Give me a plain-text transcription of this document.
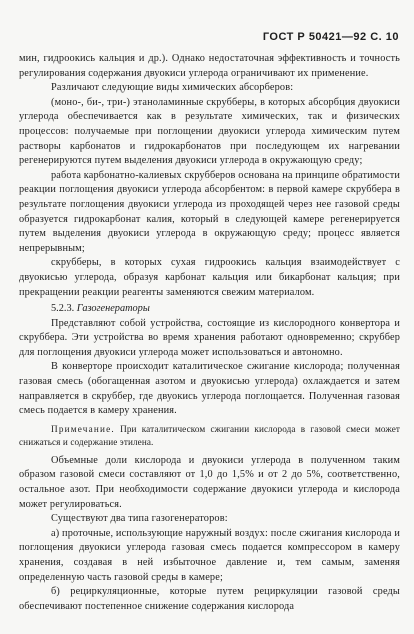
ГОСТ Р 50421—92 С. 10

мин, гидроокись кальция и др.). Однако недостаточная эффективность и точность регулирования содержания двуокиси углерода ограничивают их применение.

Различают следующие виды химических абсорберов:

(моно-, би-, три-) этаноламинные скрубберы, в которых абсорбция двуокиси углерода обеспечивается как в результате химических, так и физических процессов: получаемые при поглощении двуокиси углерода химическим путем растворы карбонатов и гидрокарбонатов при последующем их нагревании регенерируются путем выделения двуокиси углерода в окружающую среду;

работа карбонатно-калиевых скрубберов основана на принципе обратимости реакции поглощения двуокиси углерода абсорбентом: в первой камере скруббера в результате поглощения двуокиси углерода из проходящей через нее газовой среды образуется гидрокарбонат калия, который в следующей камере регенерируется путем выделения двуокиси углерода в окружающую среду; процесс является непрерывным;

скрубберы, в которых сухая гидроокись кальция взаимодействует с двуокисью углерода, образуя карбонат кальция или бикарбонат кальция; при прекращении реакции реагенты заменяются свежим материалом.

5.2.3. Газогенераторы

Представляют собой устройства, состоящие из кислородного конвертора и скруббера. Эти устройства во время хранения работают одновременно; скруббер для поглощения двуокиси углерода может использоваться и автономно.

В конверторе происходит каталитическое сжигание кислорода; полученная газовая смесь (обогащенная азотом и двуокисью углерода) охлаждается и затем направляется в скруббер, где двуокись углерода поглощается. Полученная газовая смесь подается в камеру хранения.

Примечание. При каталитическом сжигании кислорода в газовой смеси может снижаться и содержание этилена.

Объемные доли кислорода и двуокиси углерода в полученном таким образом газовой смеси составляют от 1,0 до 1,5% и от 2 до 5%, соответственно, остальное азот. При необходимости содержание двуокиси углерода и кислорода может регулироваться.

Существуют два типа газогенераторов:

а) проточные, использующие наружный воздух: после сжигания кислорода и поглощения двуокиси углерода газовая смесь подается компрессором в камеру хранения, создавая в ней избыточное давление и, тем самым, заменяя определенную часть газовой среды в камере;

б) рециркуляционные, которые путем рециркуляции газовой среды обеспечивают постепенное снижение содержания кислорода
